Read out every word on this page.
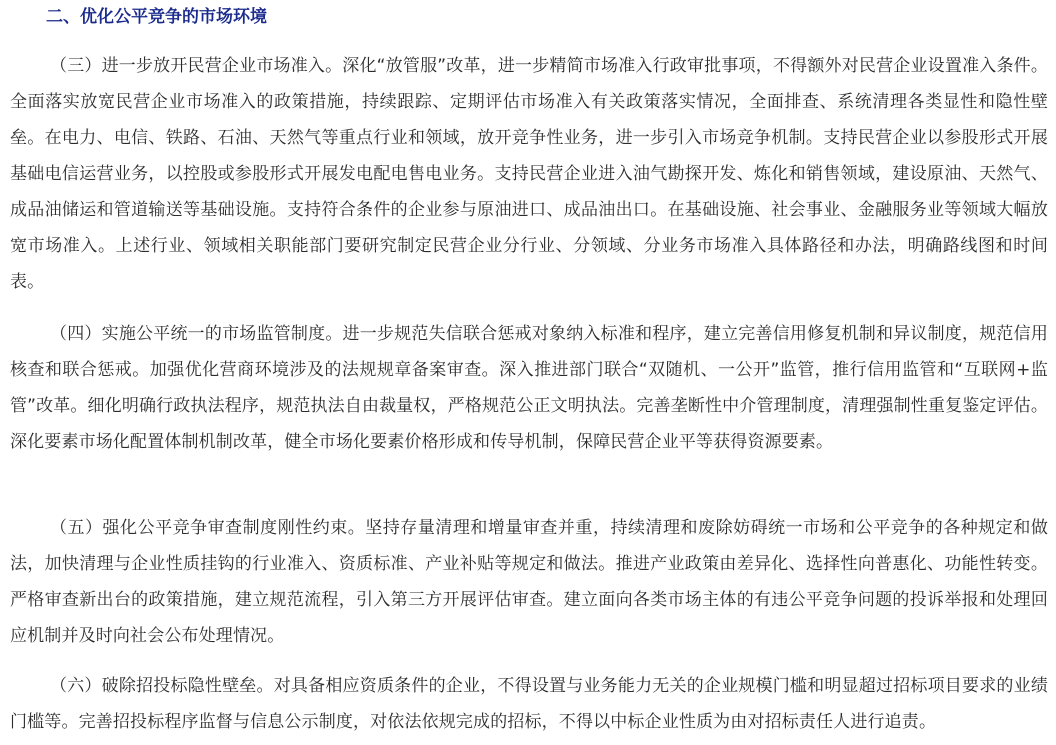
二、优化公平竞争的市场环境

（三）进一步放开民营企业市场准入。深化“放管服”改革，进一步精简市场准入行政审批事项，不得额外对民营企业设置准入条件。全面落实放宽民营企业市场准入的政策措施，持续跟踪、定期评估市场准入有关政策落实情况，全面排查、系统清理各类显性和隐性壁垒。在电力、电信、铁路、石油、天然气等重点行业和领域，放开竞争性业务，进一步引入市场竞争机制。支持民营企业以参股形式开展基础电信运营业务，以控股或参股形式开展发电配电售电业务。支持民营企业进入油气勘探开发、炼化和销售领域，建设原油、天然气、成品油储运和管道输送等基础设施。支持符合条件的企业参与原油进口、成品油出口。在基础设施、社会事业、金融服务业等领域大幅放宽市场准入。上述行业、领域相关职能部门要研究制定民营企业分行业、分领域、分业务市场准入具体路径和办法，明确路线图和时间表。

（四）实施公平统一的市场监管制度。进一步规范失信联合惩戒对象纳入标准和程序，建立完善信用修复机制和异议制度，规范信用核查和联合惩戒。加强优化营商环境涉及的法规规章备案审查。深入推进部门联合“双随机、一公开”监管，推行信用监管和“互联网+监管”改革。细化明确行政执法程序，规范执法自由裁量权，严格规范公正文明执法。完善垄断性中介管理制度，清理强制性重复鉴定评估。深化要素市场化配置体制机制改革，健全市场化要素价格形成和传导机制，保障民营企业平等获得资源要素。

（五）强化公平竞争审查制度刚性约束。坚持存量清理和增量审查并重，持续清理和废除妨碍统一市场和公平竞争的各种规定和做法，加快清理与企业性质挂钩的行业准入、资质标准、产业补贴等规定和做法。推进产业政策由差异化、选择性向普惠化、功能性转变。严格审查新出台的政策措施，建立规范流程，引入第三方开展评估审查。建立面向各类市场主体的有违公平竞争问题的投诉举报和处理回应机制并及时向社会公布处理情况。

（六）破除招投标隐性壁垒。对具备相应资质条件的企业，不得设置与业务能力无关的企业规模门槛和明显超过招标项目要求的业绩门槛等。完善招投标程序监督与信息公示制度，对依法依规完成的招标，不得以中标企业性质为由对招标责任人进行追责。
